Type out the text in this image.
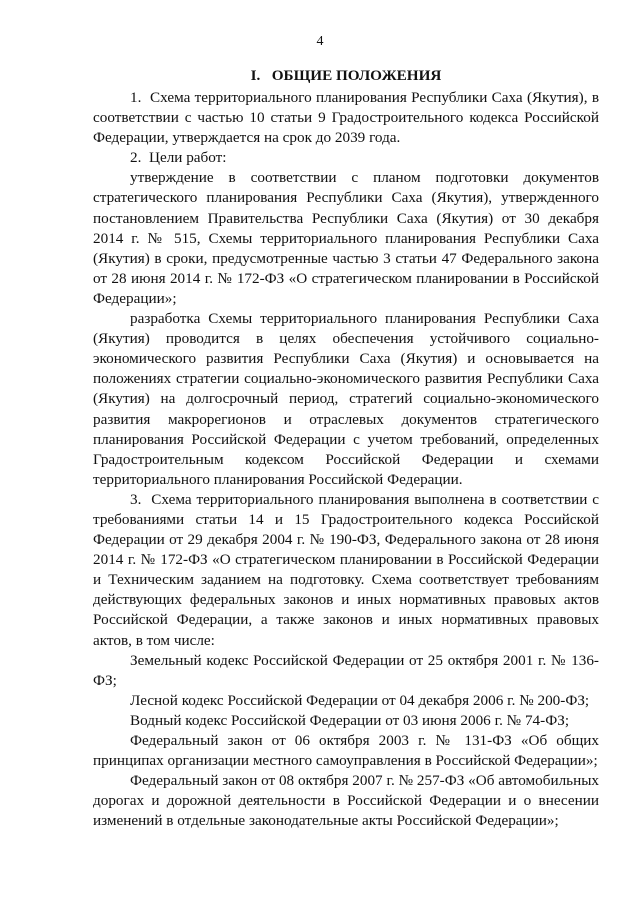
4
I.   ОБЩИЕ ПОЛОЖЕНИЯ

1.  Схема территориального планирования Республики Саха (Якутия), в соответствии с частью 10 статьи 9 Градостроительного кодекса Российской Федерации, утверждается на срок до 2039 года.

2.  Цели работ:

утверждение в соответствии с планом подготовки документов стратегического планирования Республики Саха (Якутия), утвержденного постановлением Правительства Республики Саха (Якутия) от 30 декабря 2014 г. № 515, Схемы территориального планирования Республики Саха (Якутия) в сроки, предусмотренные частью 3 статьи 47 Федерального закона от 28 июня 2014 г. № 172-ФЗ «О стратегическом планировании в Российской Федерации»;

разработка Схемы территориального планирования Республики Саха (Якутия) проводится в целях обеспечения устойчивого социально-экономического развития Республики Саха (Якутия) и основывается на положениях стратегии социально-экономического развития Республики Саха (Якутия) на долгосрочный период, стратегий социально-экономического развития макрорегионов и отраслевых документов стратегического планирования Российской Федерации с учетом требований, определенных Градостроительным кодексом Российской Федерации и схемами территориального планирования Российской Федерации.

3.  Схема территориального планирования выполнена в соответствии с требованиями статьи 14 и 15 Градостроительного кодекса Российской Федерации от 29 декабря 2004 г. № 190-ФЗ, Федерального закона от 28 июня 2014 г. № 172-ФЗ «О стратегическом планировании в Российской Федерации и Техническим заданием на подготовку. Схема соответствует требованиям действующих федеральных законов и иных нормативных правовых актов Российской Федерации, а также законов и иных нормативных правовых актов, в том числе:

Земельный кодекс Российской Федерации от 25 октября 2001 г. № 136-ФЗ;

Лесной кодекс Российской Федерации от 04 декабря 2006 г. № 200-ФЗ;

Водный кодекс Российской Федерации от 03 июня 2006 г. № 74-ФЗ;

Федеральный закон от 06 октября 2003 г. № 131-ФЗ «Об общих принципах организации местного самоуправления в Российской Федерации»;

Федеральный закон от 08 октября 2007 г. № 257-ФЗ «Об автомобильных дорогах и дорожной деятельности в Российской Федерации и о внесении изменений в отдельные законодательные акты Российской Федерации»;
